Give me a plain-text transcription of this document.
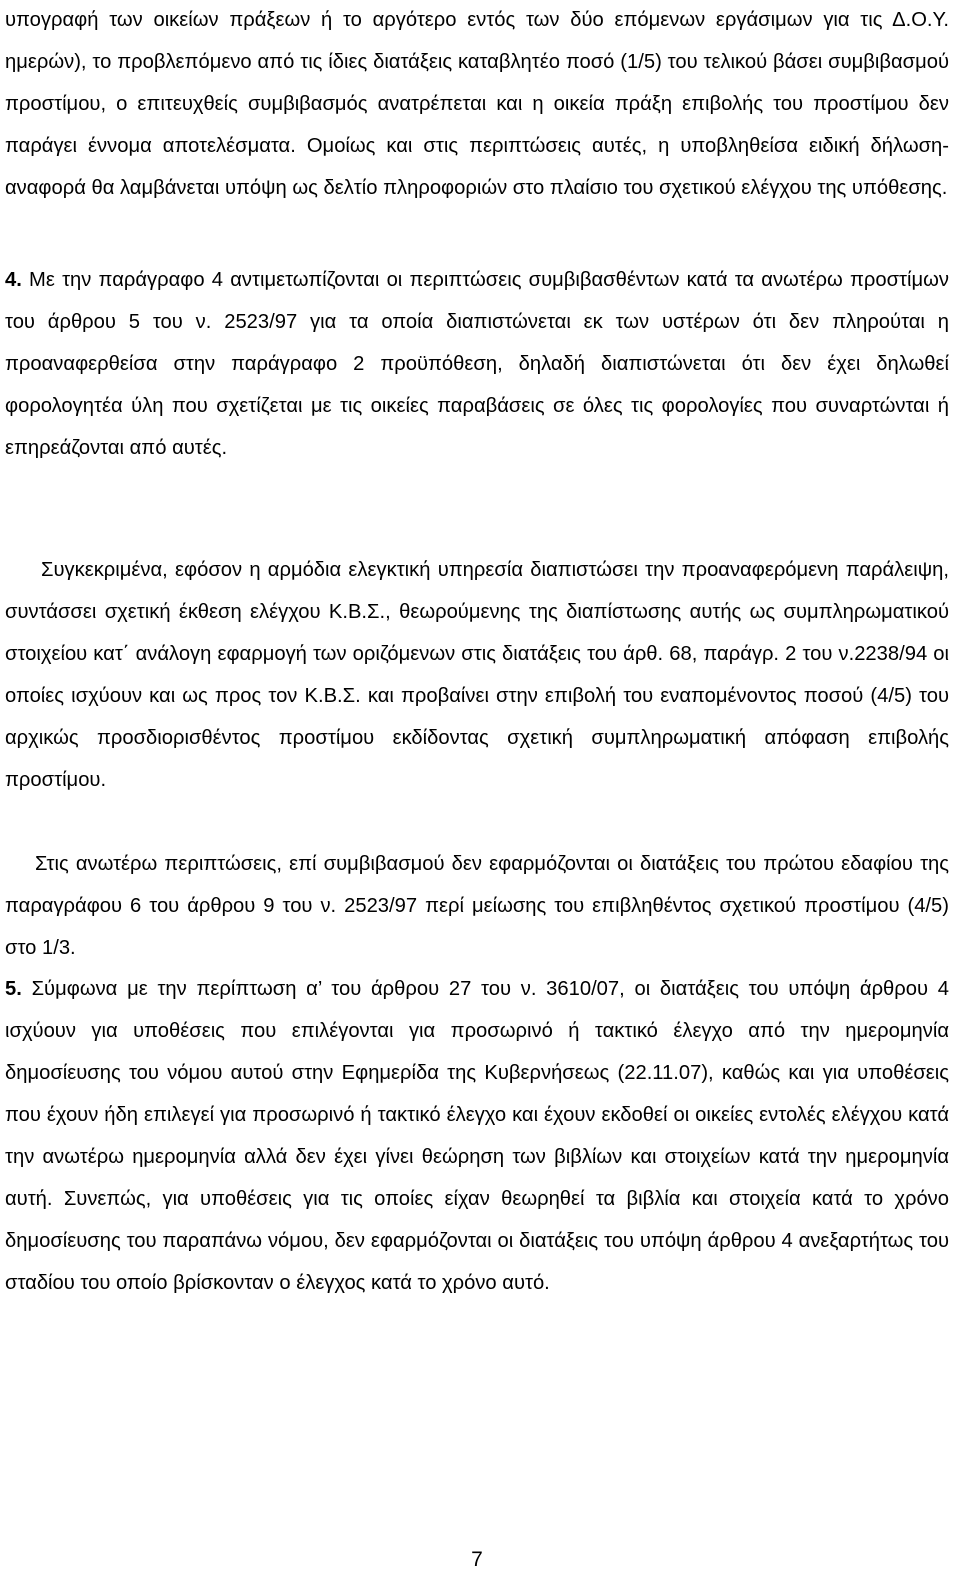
υπογραφή των οικείων πράξεων ή το αργότερο εντός των δύο επόμενων εργάσιμων για τις Δ.Ο.Υ. ημερών), το προβλεπόμενο από τις ίδιες διατάξεις καταβλητέο ποσό (1/5) του τελικού βάσει συμβιβασμού προστίμου, ο επιτευχθείς συμβιβασμός ανατρέπεται και η οικεία πράξη επιβολής του προστίμου δεν παράγει έννομα αποτελέσματα. Ομοίως και στις περιπτώσεις αυτές, η υποβληθείσα ειδική δήλωση-αναφορά θα λαμβάνεται υπόψη ως δελτίο πληροφοριών στο πλαίσιο του σχετικού ελέγχου της υπόθεσης.

4. Με την παράγραφο 4 αντιμετωπίζονται οι περιπτώσεις συμβιβασθέντων κατά τα ανωτέρω προστίμων του άρθρου 5 του ν. 2523/97 για τα οποία διαπιστώνεται εκ των υστέρων ότι δεν πληρούται η προαναφερθείσα στην παράγραφο 2 προϋπόθεση, δηλαδή διαπιστώνεται ότι δεν έχει δηλωθεί φορολογητέα ύλη που σχετίζεται με τις οικείες παραβάσεις σε όλες τις φορολογίες που συναρτώνται ή επηρεάζονται από αυτές.

Συγκεκριμένα, εφόσον η αρμόδια ελεγκτική υπηρεσία διαπιστώσει την προαναφερόμενη παράλειψη, συντάσσει σχετική έκθεση ελέγχου Κ.Β.Σ., θεωρούμενης της διαπίστωσης αυτής ως συμπληρωματικού στοιχείου κατ΄ ανάλογη εφαρμογή των οριζόμενων στις διατάξεις του άρθ. 68, παράγρ. 2 του ν.2238/94 οι οποίες ισχύουν και ως προς τον Κ.Β.Σ. και προβαίνει στην επιβολή του εναπομένοντος ποσού (4/5) του αρχικώς προσδιορισθέντος προστίμου εκδίδοντας σχετική συμπληρωματική απόφαση επιβολής προστίμου.

Στις ανωτέρω περιπτώσεις, επί συμβιβασμού δεν εφαρμόζονται οι διατάξεις του πρώτου εδαφίου της παραγράφου 6 του άρθρου 9 του ν. 2523/97 περί μείωσης του επιβληθέντος σχετικού προστίμου (4/5) στο 1/3.

5. Σύμφωνα με την περίπτωση α’ του άρθρου 27 του ν. 3610/07, οι διατάξεις του υπόψη άρθρου 4 ισχύουν για υποθέσεις που επιλέγονται για προσωρινό ή τακτικό έλεγχο από την ημερομηνία δημοσίευσης του νόμου αυτού στην Εφημερίδα της Κυβερνήσεως (22.11.07), καθώς και για υποθέσεις που έχουν ήδη επιλεγεί για προσωρινό ή τακτικό έλεγχο και έχουν εκδοθεί οι οικείες εντολές ελέγχου κατά την ανωτέρω ημερομηνία αλλά δεν έχει γίνει θεώρηση των βιβλίων και στοιχείων κατά την ημερομηνία αυτή. Συνεπώς, για υποθέσεις για τις οποίες είχαν θεωρηθεί τα βιβλία και στοιχεία κατά το χρόνο δημοσίευσης του παραπάνω νόμου, δεν εφαρμόζονται οι διατάξεις του υπόψη άρθρου 4 ανεξαρτήτως του σταδίου του οποίο βρίσκονταν ο έλεγχος κατά το χρόνο αυτό.

7
